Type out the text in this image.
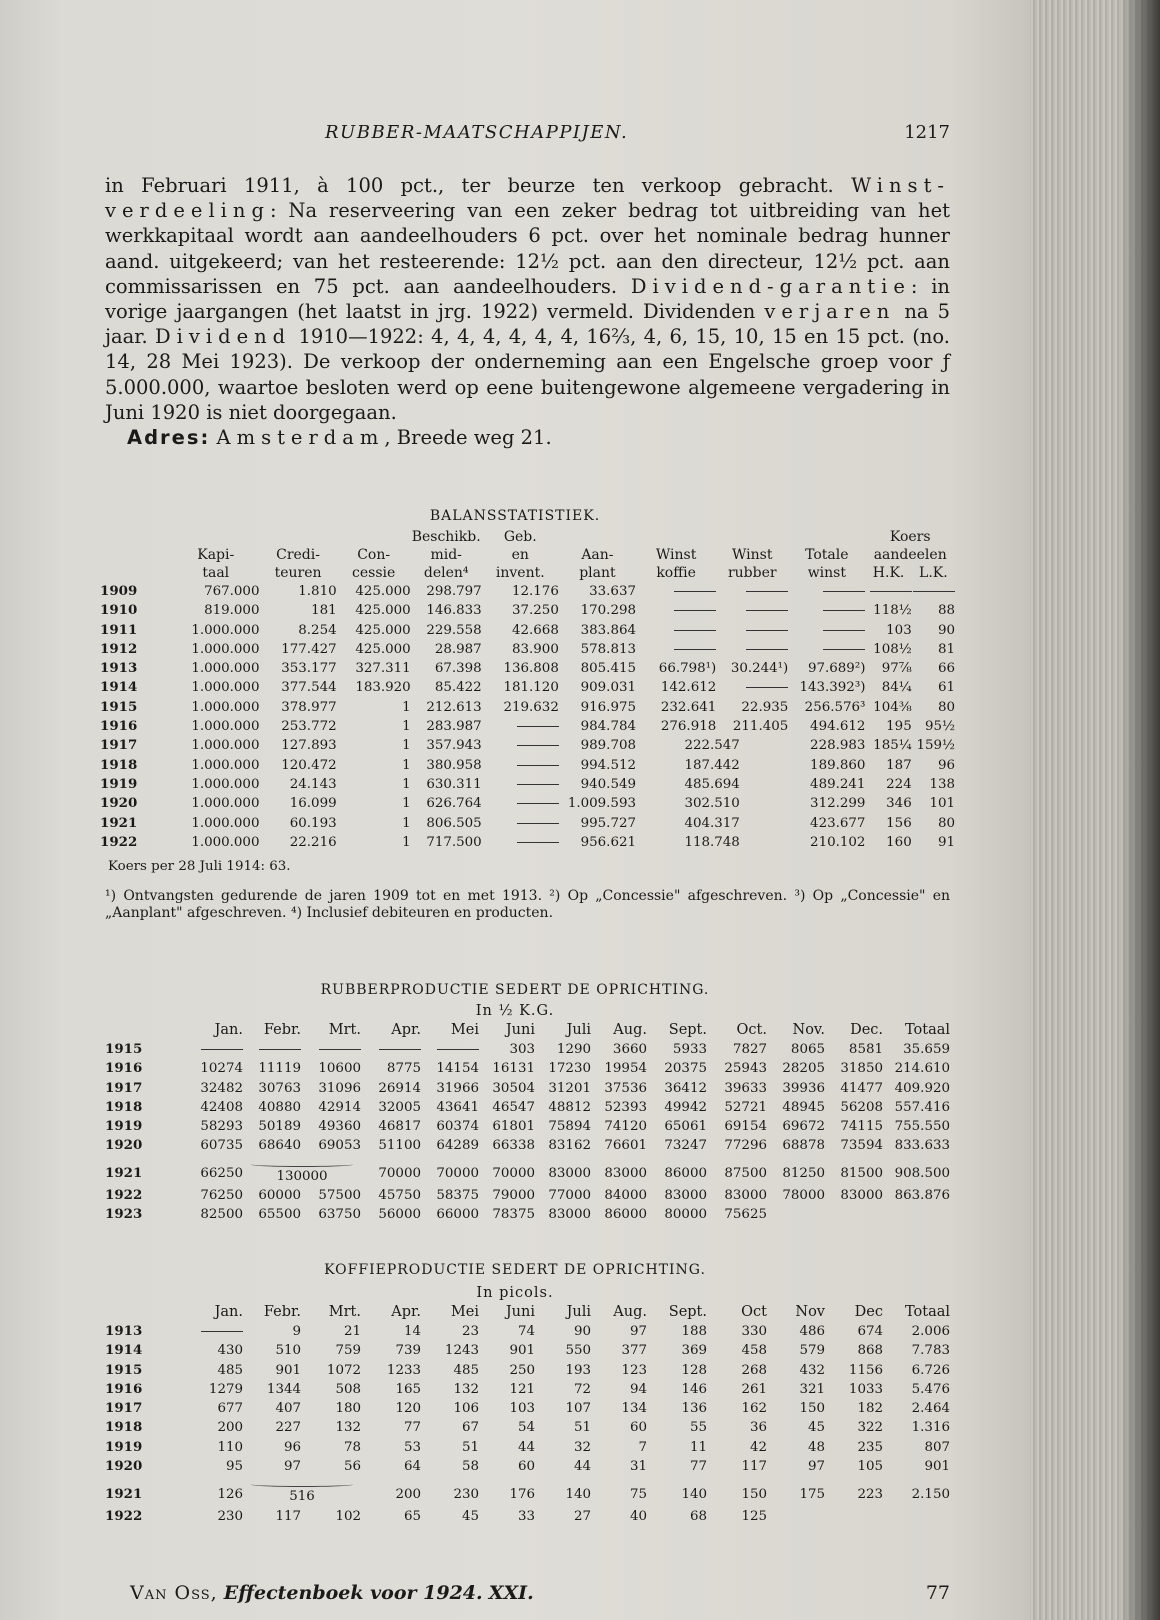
RUBBER-MAATSCHAPPIJEN.	1217
in Februari 1911, à 100 pct., ter beurze ten verkoop gebracht. Winst-verdeeling: Na reserveering van een zeker bedrag tot uitbreiding van het werkkapitaal wordt aan aandeelhouders 6 pct. over het nominale bedrag hunner aand. uitgekeerd; van het resteerende: 12½ pct. aan den directeur, 12½ pct. aan commissarissen en 75 pct. aan aandeelhouders. Dividend-garantie: in vorige jaargangen (het laatst in jrg. 1922) vermeld. Dividenden verjaren na 5 jaar. Dividend 1910—1922: 4, 4, 4, 4, 4, 4, 16⅔, 4, 6, 15, 10, 15 en 15 pct. (no. 14, 28 Mei 1923). De verkoop der onderneming aan een Engelsche groep voor ƒ 5.000.000, waartoe besloten werd op eene buitengewone algemeene vergadering in Juni 1920 is niet doorgegaan.
Adres: Amsterdam, Breede weg 21.
BALANSSTATISTIEK.
				Beschikb.	Geb.					Koers	
	Kapi-	Credi-	Con-	mid-	en	Aan-	Winst	Winst	Totale	aandeelen	
	taal	teuren	cessie	delen⁴	invent.	plant	koffie	rubber	winst	H.K.	L.K.
1909	767.000	1.810	425.000	298.797	12.176	33.637					
1910	819.000	181	425.000	146.833	37.250	170.298				118½	88
1911	1.000.000	8.254	425.000	229.558	42.668	383.864				103	90
1912	1.000.000	177.427	425.000	28.987	83.900	578.813				108½	81
1913	1.000.000	353.177	327.311	67.398	136.808	805.415	66.798¹)	30.244¹)	97.689²)	97⅞	66
1914	1.000.000	377.544	183.920	85.422	181.120	909.031	142.612		143.392³)	84¼	61
1915	1.000.000	378.977	1	212.613	219.632	916.975	232.641	22.935	256.576³	104⅜	80
1916	1.000.000	253.772	1	283.987		984.784	276.918	211.405	494.612	195	95½
1917	1.000.000	127.893	1	357.943		989.708	222.547		228.983	185¼	159½
1918	1.000.000	120.472	1	380.958		994.512	187.442		189.860	187	96
1919	1.000.000	24.143	1	630.311		940.549	485.694		489.241	224	138
1920	1.000.000	16.099	1	626.764		1.009.593	302.510		312.299	346	101
1921	1.000.000	60.193	1	806.505		995.727	404.317		423.677	156	80
1922	1.000.000	22.216	1	717.500		956.621	118.748		210.102	160	91
Koers per 28 Juli 1914: 63.
¹) Ontvangsten gedurende de jaren 1909 tot en met 1913. ²) Op „Concessie" afgeschreven. ³) Op „Concessie" en „Aanplant" afgeschreven. ⁴) Inclusief debiteuren en producten.
RUBBERPRODUCTIE SEDERT DE OPRICHTING.
In ½ K.G.
	Jan.	Febr.	Mrt.	Apr.	Mei	Juni	Juli	Aug.	Sept.	Oct.	Nov.	Dec.	Totaal
1915						303	1290	3660	5933	7827	8065	8581	35.659
1916	10274	11119	10600	8775	14154	16131	17230	19954	20375	25943	28205	31850	214.610
1917	32482	30763	31096	26914	31966	30504	31201	37536	36412	39633	39936	41477	409.920
1918	42408	40880	42914	32005	43641	46547	48812	52393	49942	52721	48945	56208	557.416
1919	58293	50189	49360	46817	60374	61801	75894	74120	65061	69154	69672	74115	755.550
1920	60735	68640	69053	51100	64289	66338	83162	76601	73247	77296	68878	73594	833.633
1921	66250	130000		70000	70000	70000	83000	83000	86000	87500	81250	81500	908.500
1922	76250	60000	57500	45750	58375	79000	77000	84000	83000	83000	78000	83000	863.876
1923	82500	65500	63750	56000	66000	78375	83000	86000	80000	75625			
KOFFIEPRODUCTIE SEDERT DE OPRICHTING.
In picols.
	Jan.	Febr.	Mrt.	Apr.	Mei	Juni	Juli	Aug.	Sept.	Oct	Nov	Dec	Totaal
1913		9	21	14	23	74	90	97	188	330	486	674	2.006
1914	430	510	759	739	1243	901	550	377	369	458	579	868	7.783
1915	485	901	1072	1233	485	250	193	123	128	268	432	1156	6.726
1916	1279	1344	508	165	132	121	72	94	146	261	321	1033	5.476
1917	677	407	180	120	106	103	107	134	136	162	150	182	2.464
1918	200	227	132	77	67	54	51	60	55	36	45	322	1.316
1919	110	96	78	53	51	44	32	7	11	42	48	235	807
1920	95	97	56	64	58	60	44	31	77	117	97	105	901
1921	126	516		200	230	176	140	75	140	150	175	223	2.150
1922	230	117	102	65	45	33	27	40	68	125			
Van Oss, Effectenboek voor 1924. XXI.	77
